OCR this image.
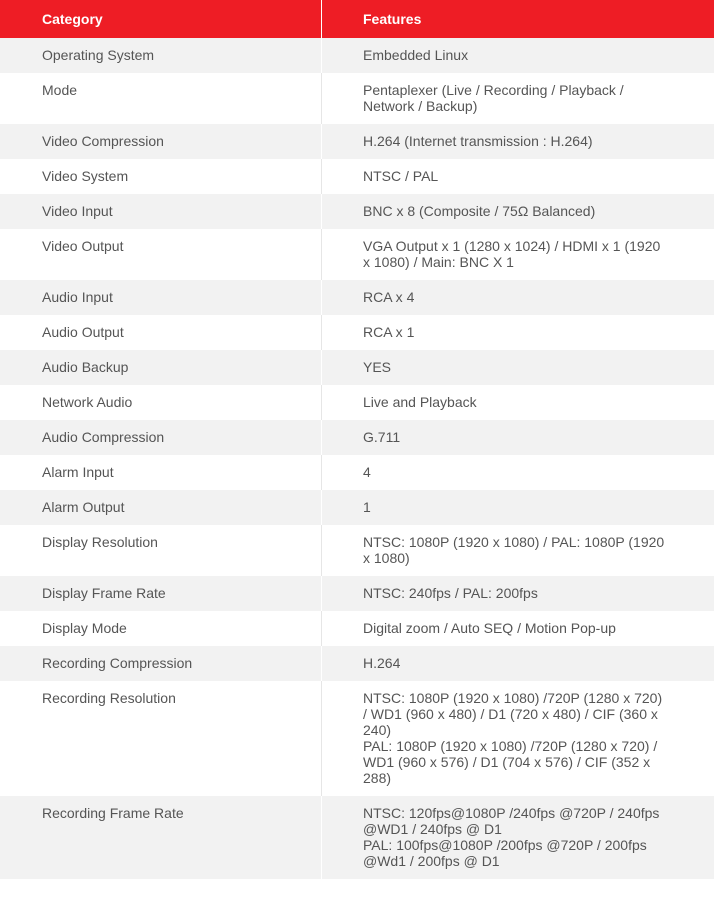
Category	Features
Operating System	Embedded Linux
Mode	Pentaplexer (Live / Recording / Playback / Network / Backup)
Video Compression	H.264 (Internet transmission : H.264)
Video System	NTSC / PAL
Video Input	BNC x 8 (Composite / 75Ω Balanced)
Video Output	VGA Output x 1 (1280 x 1024) / HDMI x 1 (1920 x 1080) / Main: BNC X 1
Audio Input	RCA x 4
Audio Output	RCA x 1
Audio Backup	YES
Network Audio	Live and Playback
Audio Compression	G.711
Alarm Input	4
Alarm Output	1
Display Resolution	NTSC: 1080P (1920 x 1080) / PAL: 1080P (1920 x 1080)
Display Frame Rate	NTSC: 240fps / PAL: 200fps
Display Mode	Digital zoom / Auto SEQ / Motion Pop-up
Recording Compression	H.264
Recording Resolution	NTSC: 1080P (1920 x 1080) /720P (1280 x 720) / WD1 (960 x 480) / D1 (720 x 480) / CIF (360 x 240)
PAL: 1080P (1920 x 1080) /720P (1280 x 720) / WD1 (960 x 576) / D1 (704 x 576) / CIF (352 x 288)
Recording Frame Rate	NTSC: 120fps@1080P /240fps @720P / 240fps @WD1 / 240fps @ D1
PAL: 100fps@1080P /200fps @720P / 200fps @Wd1 / 200fps @ D1
